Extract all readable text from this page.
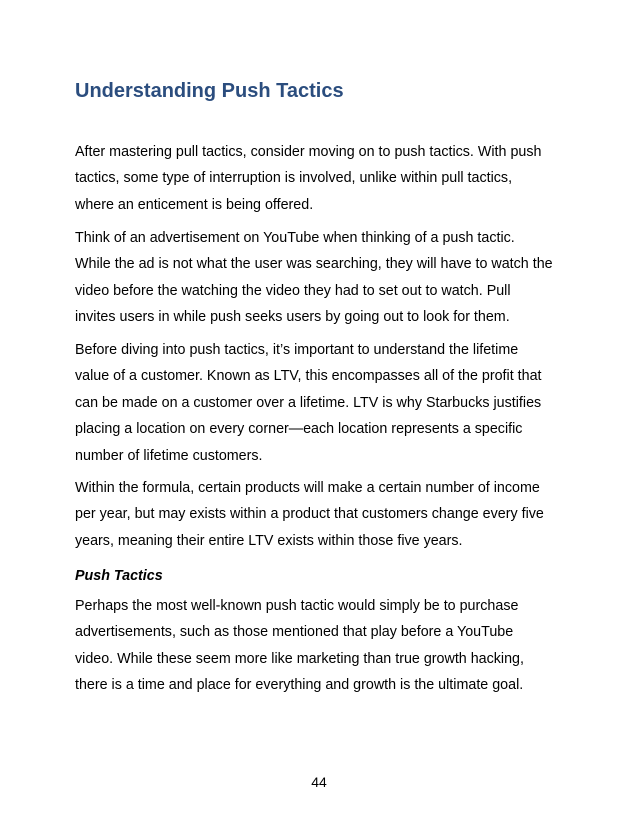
Understanding Push Tactics

After mastering pull tactics, consider moving on to push tactics. With push
tactics, some type of interruption is involved, unlike within pull tactics,
where an enticement is being offered.

Think of an advertisement on YouTube when thinking of a push tactic.
While the ad is not what the user was searching, they will have to watch the
video before the watching the video they had to set out to watch. Pull
invites users in while push seeks users by going out to look for them.

Before diving into push tactics, it’s important to understand the lifetime
value of a customer. Known as LTV, this encompasses all of the profit that
can be made on a customer over a lifetime. LTV is why Starbucks justifies
placing a location on every corner—each location represents a specific
number of lifetime customers.

Within the formula, certain products will make a certain number of income
per year, but may exists within a product that customers change every five
years, meaning their entire LTV exists within those five years.

Push Tactics

Perhaps the most well-known push tactic would simply be to purchase
advertisements, such as those mentioned that play before a YouTube
video. While these seem more like marketing than true growth hacking,
there is a time and place for everything and growth is the ultimate goal.

44
